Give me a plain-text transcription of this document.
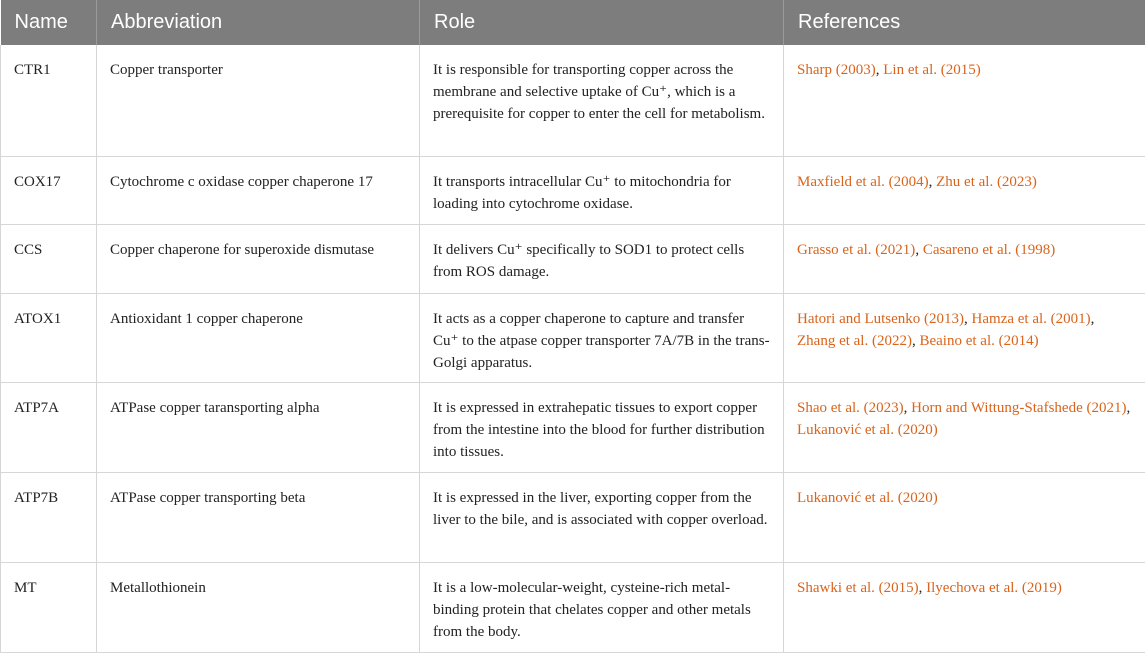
Name	Abbreviation	Role	References
CTR1	Copper transporter	It is responsible for transporting copper across the membrane and selective uptake of Cu⁺, which is a prerequisite for copper to enter the cell for metabolism.	Sharp (2003), Lin et al. (2015)
COX17	Cytochrome c oxidase copper chaperone 17	It transports intracellular Cu⁺ to mitochondria for loading into cytochrome oxidase.	Maxfield et al. (2004), Zhu et al. (2023)
CCS	Copper chaperone for superoxide dismutase	It delivers Cu⁺ specifically to SOD1 to protect cells from ROS damage.	Grasso et al. (2021), Casareno et al. (1998)
ATOX1	Antioxidant 1 copper chaperone	It acts as a copper chaperone to capture and transfer Cu⁺ to the atpase copper transporter 7A/7B in the trans-Golgi apparatus.	Hatori and Lutsenko (2013), Hamza et al. (2001), Zhang et al. (2022), Beaino et al. (2014)
ATP7A	ATPase copper taransporting alpha	It is expressed in extrahepatic tissues to export copper from the intestine into the blood for further distribution into tissues.	Shao et al. (2023), Horn and Wittung-Stafshede (2021), Lukanović et al. (2020)
ATP7B	ATPase copper transporting beta	It is expressed in the liver, exporting copper from the liver to the bile, and is associated with copper overload.	Lukanović et al. (2020)
MT	Metallothionein	It is a low-molecular-weight, cysteine-rich metal-binding protein that chelates copper and other metals from the body.	Shawki et al. (2015), Ilyechova et al. (2019)
